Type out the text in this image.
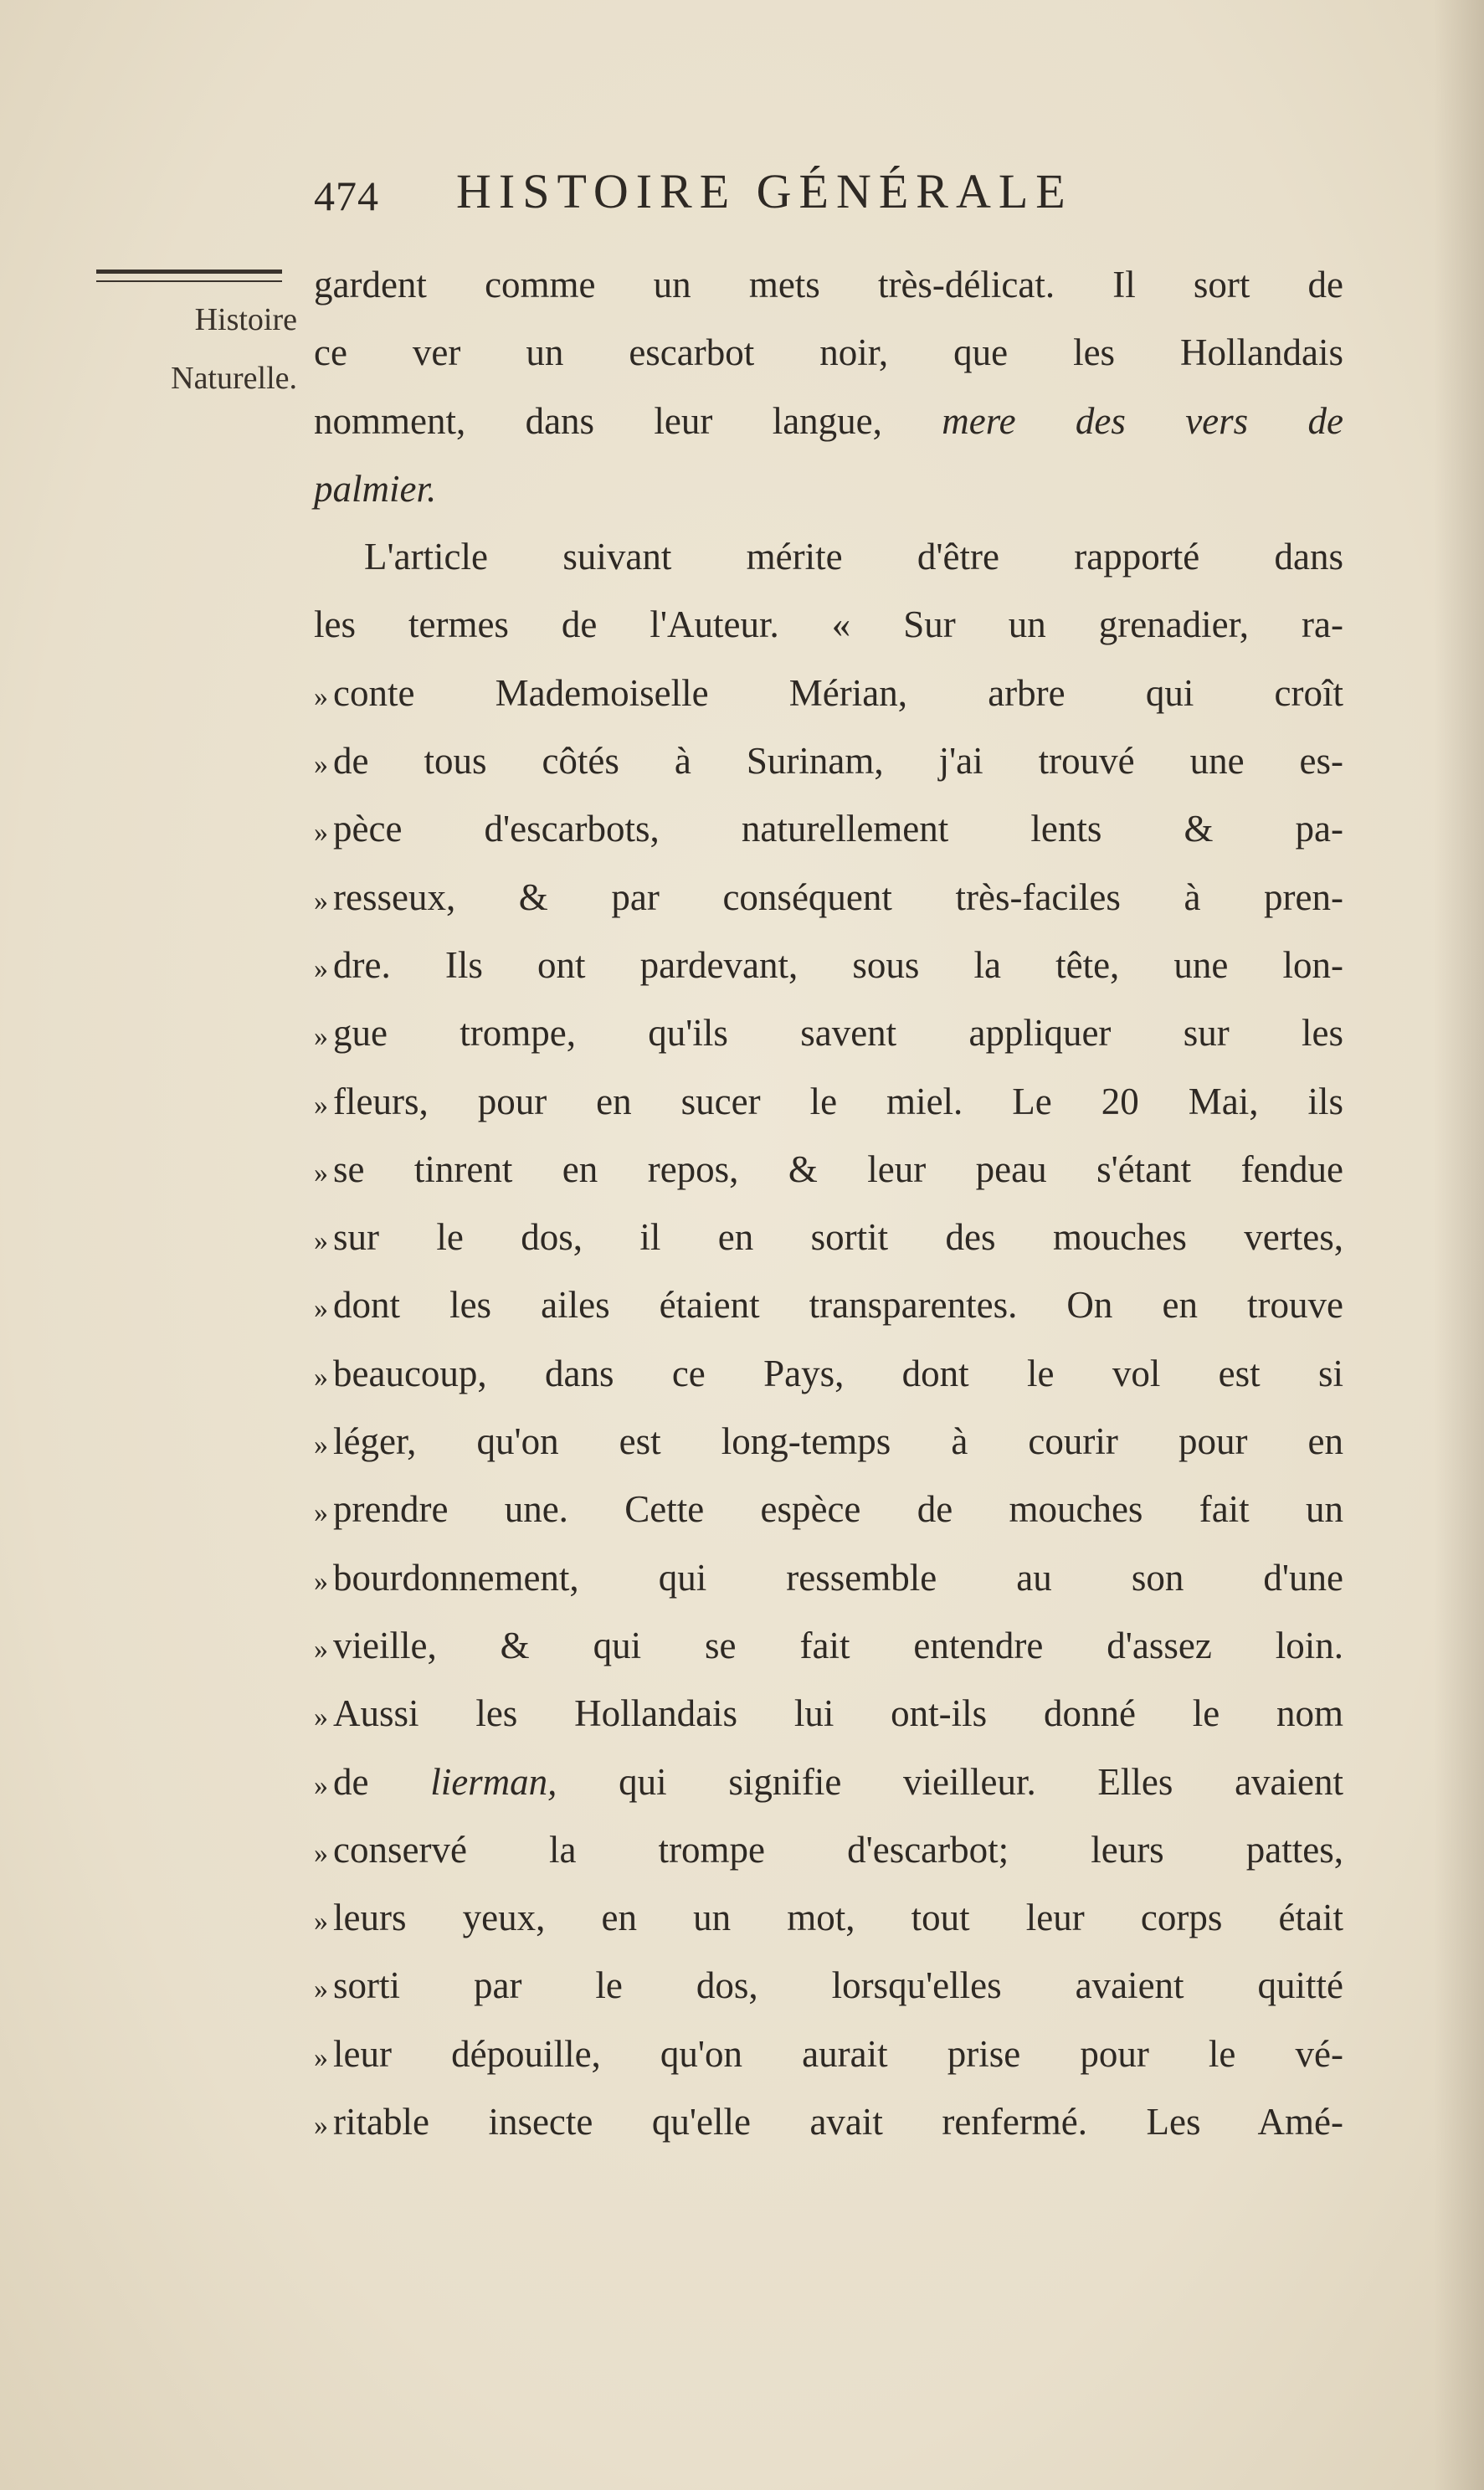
474 HISTOIRE GÉNÉRALE
Histoire
Naturelle.
gardent comme un mets très-délicat. Il sort de
ce ver un escarbot noir, que les Hollandais
nomment, dans leur langue, mere des vers de
palmier.
L'article suivant mérite d'être rapporté dans
les termes de l'Auteur. « Sur un grenadier, ra-
» conte Mademoiselle Mérian, arbre qui croît
» de tous côtés à Surinam, j'ai trouvé une es-
» pèce d'escarbots, naturellement lents & pa-
» resseux, & par conséquent très-faciles à pren-
» dre. Ils ont pardevant, sous la tête, une lon-
» gue trompe, qu'ils savent appliquer sur les
» fleurs, pour en sucer le miel. Le 20 Mai, ils
» se tinrent en repos, & leur peau s'étant fendue
» sur le dos, il en sortit des mouches vertes,
» dont les ailes étaient transparentes. On en trouve
» beaucoup, dans ce Pays, dont le vol est si
» léger, qu'on est long-temps à courir pour en
» prendre une. Cette espèce de mouches fait un
» bourdonnement, qui ressemble au son d'une
» vieille, & qui se fait entendre d'assez loin.
» Aussi les Hollandais lui ont-ils donné le nom
» de lierman, qui signifie vieilleur. Elles avaient
» conservé la trompe d'escarbot; leurs pattes,
» leurs yeux, en un mot, tout leur corps était
» sorti par le dos, lorsqu'elles avaient quitté
» leur dépouille, qu'on aurait prise pour le vé-
» ritable insecte qu'elle avait renfermé. Les Amé-
